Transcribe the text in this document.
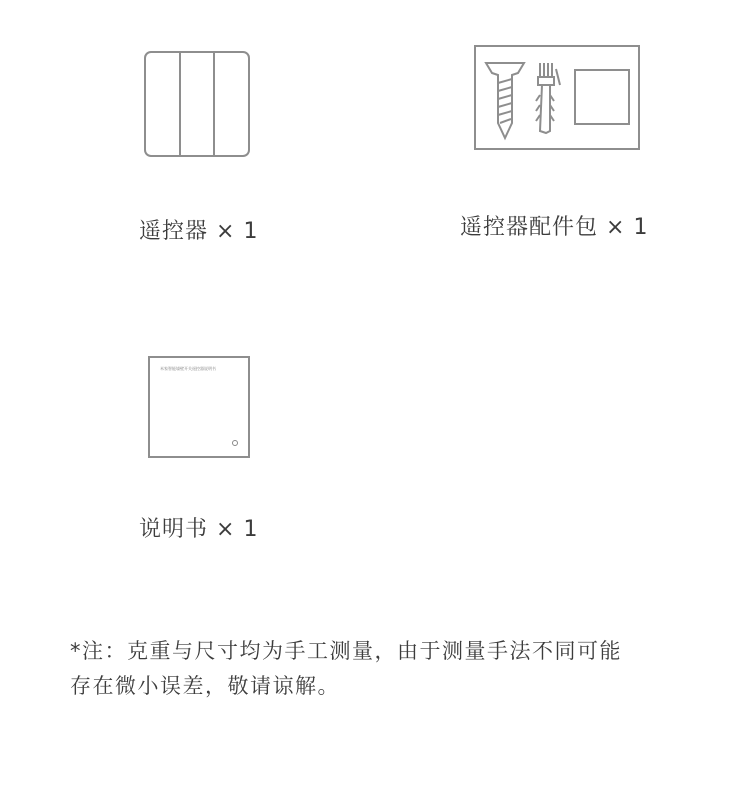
遥控器 × 1	遥控器配件包 × 1
米家智能墙壁开关遥控器说明书
说明书 × 1
*注：克重与尺寸均为手工测量，由于测量手法不同可能
存在微小误差，敬请谅解。
